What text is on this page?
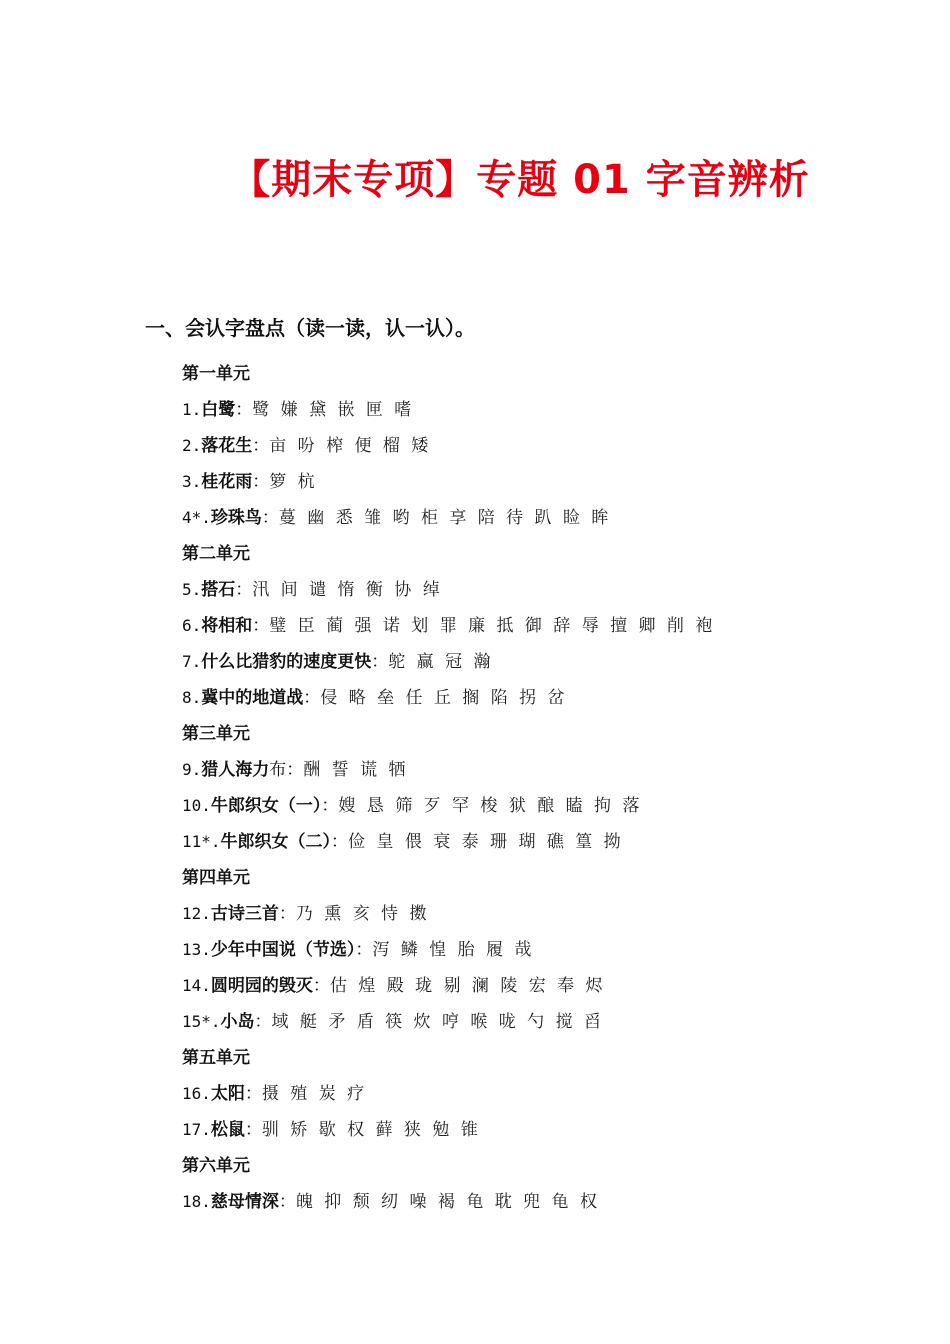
【期末专项】专题 01 字音辨析
一、会认字盘点（读一读，认一认）。
第一单元
1.白鹭：鹭 嫌 黛 嵌 匣 嗜
2.落花生：亩 吩 榨 便 榴 矮
3.桂花雨：箩 杭
4*.珍珠鸟：蔓 幽 悉 雏 哟 柜 享 陪 待 趴 睑 眸
第二单元
5.搭石：汛 间 谴 惰 衡 协 绰
6.将相和：璧 臣 蔺 强 诺 划 罪 廉 抵 御 辞 辱 擅 卿 削 袍
7.什么比猎豹的速度更快：鸵 赢 冠 瀚
8.冀中的地道战：侵 略 垒 任 丘 搁 陷 拐 岔
第三单元
9.猎人海力布：酬 誓 谎 牺
10.牛郎织女（一）：嫂 恳 筛 歹 罕 梭 狱 酿 瞌 拘 落
11*.牛郎织女（二）：俭 皇 偎 衰 泰 珊 瑚 礁 篁 拗
第四单元
12.古诗三首：乃 熏 亥 恃 擞
13.少年中国说（节选）：泻 鳞 惶 胎 履 哉
14.圆明园的毁灭：估 煌 殿 珑 剔 澜 陵 宏 奉 烬
15*.小岛：域 艇 矛 盾 筷 炊 哼 喉 咙 勺 搅 舀
第五单元
16.太阳：摄 殖 炭 疗
17.松鼠：驯 矫 歇 权 藓 狭 勉 锥
第六单元
18.慈母情深：魄 抑 颓 纫 噪 褐 龟 耽 兜 龟 权
